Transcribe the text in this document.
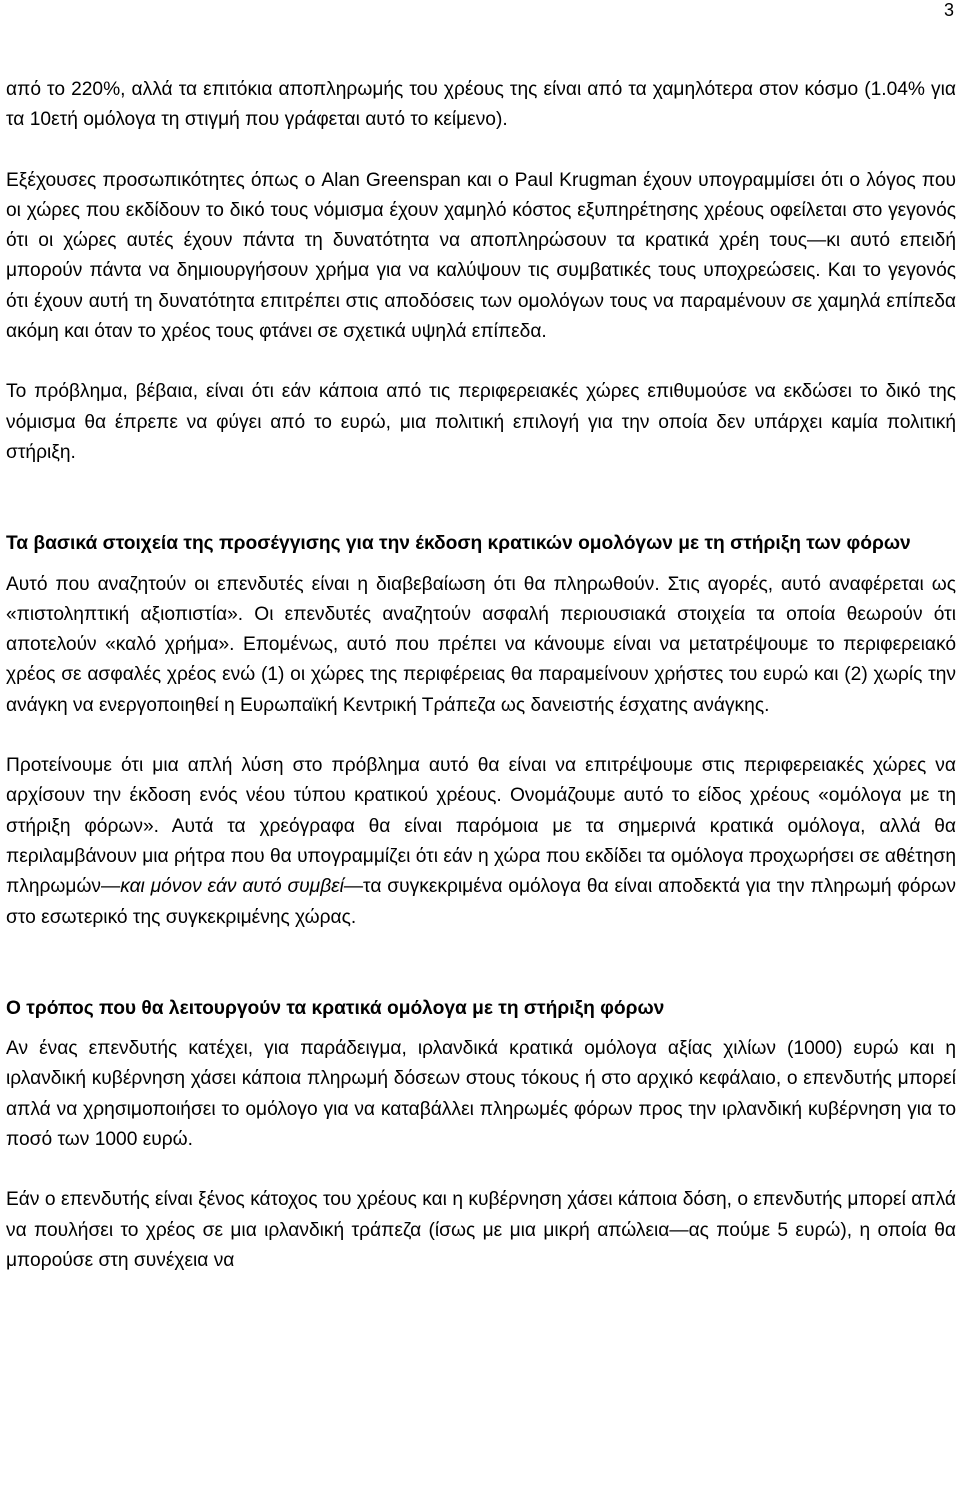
3

από το 220%, αλλά τα επιτόκια αποπληρωμής του χρέους της είναι από τα χαμηλότερα στον κόσμο (1.04% για τα 10ετή ομόλογα τη στιγμή που γράφεται αυτό το κείμενο).

Εξέχουσες προσωπικότητες όπως ο Alan Greenspan και ο Paul Krugman έχουν υπογραμμίσει ότι ο λόγος που οι χώρες που εκδίδουν το δικό τους νόμισμα έχουν χαμηλό κόστος εξυπηρέτησης χρέους οφείλεται στο γεγονός ότι οι χώρες αυτές έχουν πάντα τη δυνατότητα να αποπληρώσουν τα κρατικά χρέη τους—κι αυτό επειδή μπορούν πάντα να δημιουργήσουν χρήμα για να καλύψουν τις συμβατικές τους υποχρεώσεις. Και το γεγονός ότι έχουν αυτή τη δυνατότητα επιτρέπει στις αποδόσεις των ομολόγων τους να παραμένουν σε χαμηλά επίπεδα ακόμη και όταν το χρέος τους φτάνει σε σχετικά υψηλά επίπεδα.

Το πρόβλημα, βέβαια, είναι ότι εάν κάποια από τις περιφερειακές χώρες επιθυμούσε να εκδώσει το δικό της νόμισμα θα έπρεπε να φύγει από το ευρώ, μια πολιτική επιλογή για την οποία δεν υπάρχει καμία πολιτική στήριξη.

Τα βασικά στοιχεία της προσέγγισης για την έκδοση κρατικών ομολόγων με τη στήριξη των φόρων

Αυτό που αναζητούν οι επενδυτές είναι η διαβεβαίωση ότι θα πληρωθούν. Στις αγορές, αυτό αναφέρεται ως «πιστοληπτική αξιοπιστία». Οι επενδυτές αναζητούν ασφαλή περιουσιακά στοιχεία τα οποία θεωρούν ότι αποτελούν «καλό χρήμα». Επομένως, αυτό που πρέπει να κάνουμε είναι να μετατρέψουμε το περιφερειακό χρέος σε ασφαλές χρέος ενώ (1) οι χώρες της περιφέρειας θα παραμείνουν χρήστες του ευρώ και (2) χωρίς την ανάγκη να ενεργοποιηθεί η Ευρωπαϊκή Κεντρική Τράπεζα ως δανειστής έσχατης ανάγκης.

Προτείνουμε ότι μια απλή λύση στο πρόβλημα αυτό θα είναι να επιτρέψουμε στις περιφερειακές χώρες να αρχίσουν την έκδοση ενός νέου τύπου κρατικού χρέους. Ονομάζουμε αυτό το είδος χρέους «ομόλογα με τη στήριξη φόρων». Αυτά τα χρεόγραφα θα είναι παρόμοια με τα σημερινά κρατικά ομόλογα, αλλά θα περιλαμβάνουν μια ρήτρα που θα υπογραμμίζει ότι εάν η χώρα που εκδίδει τα ομόλογα προχωρήσει σε αθέτηση πληρωμών—και μόνον εάν αυτό συμβεί—τα συγκεκριμένα ομόλογα θα είναι αποδεκτά για την πληρωμή φόρων στο εσωτερικό της συγκεκριμένης χώρας.

Ο τρόπος που θα λειτουργούν τα κρατικά ομόλογα με τη στήριξη φόρων

Αν ένας επενδυτής κατέχει, για παράδειγμα, ιρλανδικά κρατικά ομόλογα αξίας χιλίων (1000) ευρώ και η ιρλανδική κυβέρνηση χάσει κάποια πληρωμή δόσεων στους τόκους ή στο αρχικό κεφάλαιο, ο επενδυτής μπορεί απλά να χρησιμοποιήσει το ομόλογο για να καταβάλλει πληρωμές φόρων προς την ιρλανδική κυβέρνηση για το ποσό των 1000 ευρώ.

Εάν ο επενδυτής είναι ξένος κάτοχος του χρέους και η κυβέρνηση χάσει κάποια δόση, ο επενδυτής μπορεί απλά να πουλήσει το χρέος σε μια ιρλανδική τράπεζα (ίσως με μια μικρή απώλεια—ας πούμε 5 ευρώ), η οποία θα μπορούσε στη συνέχεια να
